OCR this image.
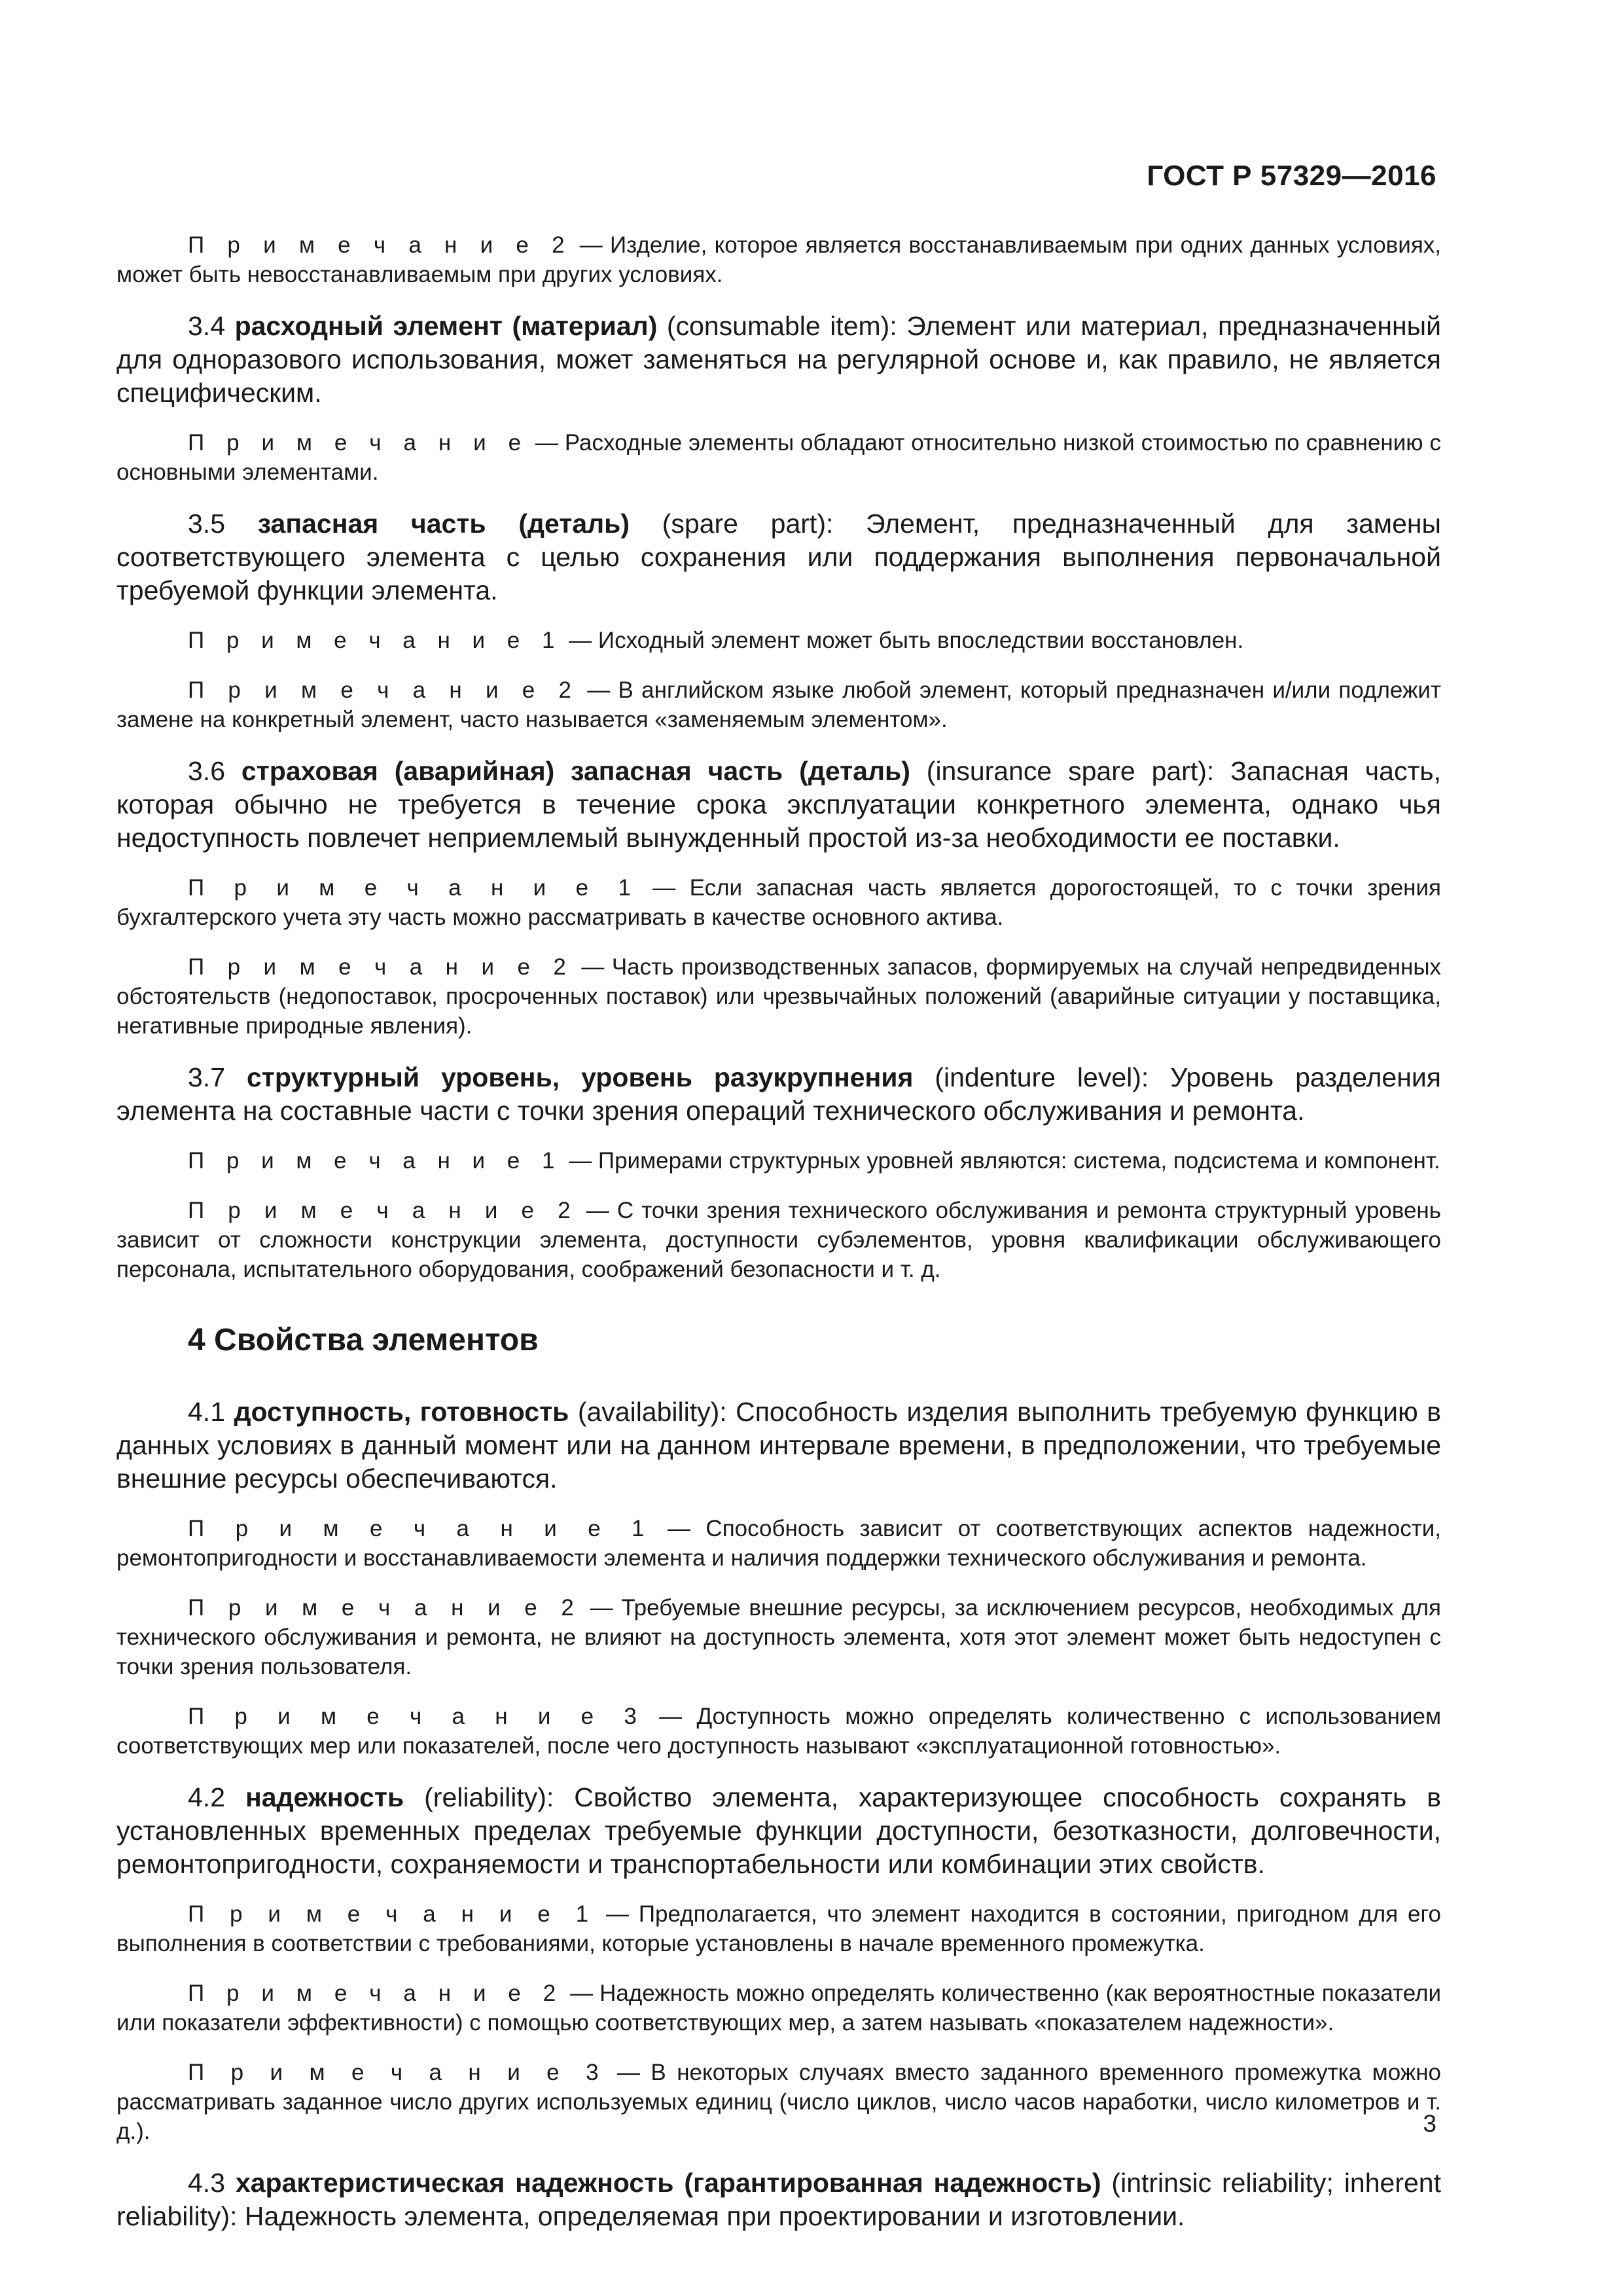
ГОСТ Р 57329—2016

П р и м е ч а н и е 2 — Изделие, которое является восстанавливаемым при одних данных условиях, может быть невосстанавливаемым при других условиях.

3.4 расходный элемент (материал) (consumable item): Элемент или материал, предназначенный для одноразового использования, может заменяться на регулярной основе и, как правило, не является специфическим.

П р и м е ч а н и е — Расходные элементы обладают относительно низкой стоимостью по сравнению с основными элементами.

3.5 запасная часть (деталь) (spare part): Элемент, предназначенный для замены соответствующего элемента с целью сохранения или поддержания выполнения первоначальной требуемой функции элемента.

П р и м е ч а н и е 1 — Исходный элемент может быть впоследствии восстановлен.

П р и м е ч а н и е 2 — В английском языке любой элемент, который предназначен и/или подлежит замене на конкретный элемент, часто называется «заменяемым элементом».

3.6 страховая (аварийная) запасная часть (деталь) (insurance spare part): Запасная часть, которая обычно не требуется в течение срока эксплуатации конкретного элемента, однако чья недоступность повлечет неприемлемый вынужденный простой из-за необходимости ее поставки.

П р и м е ч а н и е 1 — Если запасная часть является дорогостоящей, то с точки зрения бухгалтерского учета эту часть можно рассматривать в качестве основного актива.

П р и м е ч а н и е 2 — Часть производственных запасов, формируемых на случай непредвиденных обстоятельств (недопоставок, просроченных поставок) или чрезвычайных положений (аварийные ситуации у поставщика, негативные природные явления).

3.7 структурный уровень, уровень разукрупнения (indenture level): Уровень разделения элемента на составные части с точки зрения операций технического обслуживания и ремонта.

П р и м е ч а н и е 1 — Примерами структурных уровней являются: система, подсистема и компонент.

П р и м е ч а н и е 2 — С точки зрения технического обслуживания и ремонта структурный уровень зависит от сложности конструкции элемента, доступности субэлементов, уровня квалификации обслуживающего персонала, испытательного оборудования, соображений безопасности и т. д.

4 Свойства элементов

4.1 доступность, готовность (availability): Способность изделия выполнить требуемую функцию в данных условиях в данный момент или на данном интервале времени, в предположении, что требуемые внешние ресурсы обеспечиваются.

П р и м е ч а н и е 1 — Способность зависит от соответствующих аспектов надежности, ремонтопригодности и восстанавливаемости элемента и наличия поддержки технического обслуживания и ремонта.

П р и м е ч а н и е 2 — Требуемые внешние ресурсы, за исключением ресурсов, необходимых для технического обслуживания и ремонта, не влияют на доступность элемента, хотя этот элемент может быть недоступен с точки зрения пользователя.

П р и м е ч а н и е 3 — Доступность можно определять количественно с использованием соответствующих мер или показателей, после чего доступность называют «эксплуатационной готовностью».

4.2 надежность (reliability): Свойство элемента, характеризующее способность сохранять в установленных временных пределах требуемые функции доступности, безотказности, долговечности, ремонтопригодности, сохраняемости и транспортабельности или комбинации этих свойств.

П р и м е ч а н и е 1 — Предполагается, что элемент находится в состоянии, пригодном для его выполнения в соответствии с требованиями, которые установлены в начале временного промежутка.

П р и м е ч а н и е 2 — Надежность можно определять количественно (как вероятностные показатели или показатели эффективности) с помощью соответствующих мер, а затем называть «показателем надежности».

П р и м е ч а н и е 3 — В некоторых случаях вместо заданного временного промежутка можно рассматривать заданное число других используемых единиц (число циклов, число часов наработки, число километров и т. д.).

4.3 характеристическая надежность (гарантированная надежность) (intrinsic reliability; inherent reliability): Надежность элемента, определяемая при проектировании и изготовлении.

3
